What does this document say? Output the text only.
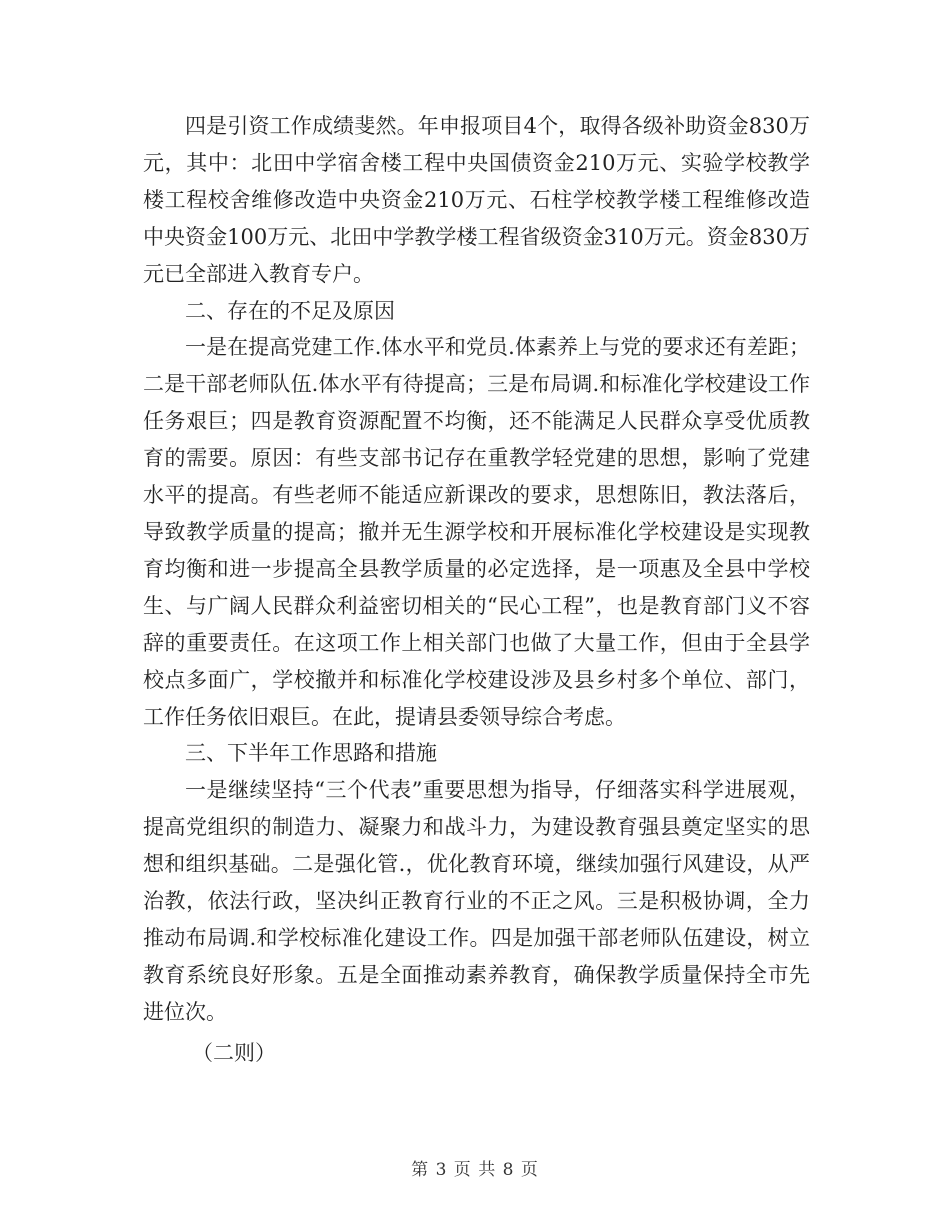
四是引资工作成绩斐然。年申报项目4个，取得各级补助资金830万元，其中：北田中学宿舍楼工程中央国债资金210万元、实验学校教学楼工程校舍维修改造中央资金210万元、石柱学校教学楼工程维修改造中央资金100万元、北田中学教学楼工程省级资金310万元。资金830万元已全部进入教育专户。

二、存在的不足及原因

一是在提高党建工作.体水平和党员.体素养上与党的要求还有差距；二是干部老师队伍.体水平有待提高；三是布局调.和标准化学校建设工作任务艰巨；四是教育资源配置不均衡，还不能满足人民群众享受优质教育的需要。原因：有些支部书记存在重教学轻党建的思想，影响了党建水平的提高。有些老师不能适应新课改的要求，思想陈旧，教法落后，导致教学质量的提高；撤并无生源学校和开展标准化学校建设是实现教育均衡和进一步提高全县教学质量的必定选择，是一项惠及全县中学校生、与广阔人民群众利益密切相关的“民心工程”，也是教育部门义不容辞的重要责任。在这项工作上相关部门也做了大量工作，但由于全县学校点多面广，学校撤并和标准化学校建设涉及县乡村多个单位、部门，工作任务依旧艰巨。在此，提请县委领导综合考虑。

三、下半年工作思路和措施

一是继续坚持“三个代表”重要思想为指导，仔细落实科学进展观，提高党组织的制造力、凝聚力和战斗力，为建设教育强县奠定坚实的思想和组织基础。二是强化管.，优化教育环境，继续加强行风建设，从严治教，依法行政，坚决纠正教育行业的不正之风。三是积极协调，全力推动布局调.和学校标准化建设工作。四是加强干部老师队伍建设，树立教育系统良好形象。五是全面推动素养教育，确保教学质量保持全市先进位次。

（二则）

第 3 页 共 8 页
